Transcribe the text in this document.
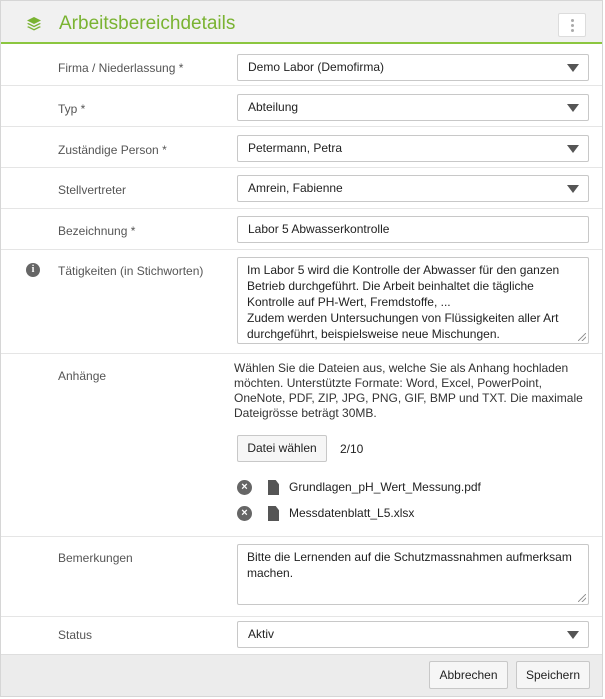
Arbeitsbereichdetails
Firma / Niederlassung *	Demo Labor (Demofirma)
Typ *	Abteilung
Zuständige Person *	Petermann, Petra
Stellvertreter	Amrein, Fabienne
Bezeichnung *	Labor 5 Abwasserkontrolle
Tätigkeiten (in Stichworten)	Im Labor 5 wird die Kontrolle der Abwasser für den ganzen Betrieb durchgeführt. Die Arbeit beinhaltet die tägliche Kontrolle auf PH-Wert, Fremdstoffe, ...
Zudem werden Untersuchungen von Flüssigkeiten aller Art durchgeführt, beispielsweise neue Mischungen.
i
Anhänge
Wählen Sie die Dateien aus, welche Sie als Anhang hochladen möchten. Unterstützte Formate: Word, Excel, PowerPoint, OneNote, PDF, ZIP, JPG, PNG, GIF, BMP und TXT. Die maximale Dateigrösse beträgt 30MB.
Datei wählen	2/10
×	Grundlagen_pH_Wert_Messung.pdf
×	Messdatenblatt_L5.xlsx
Bemerkungen	Bitte die Lernenden auf die Schutzmassnahmen aufmerksam machen.
Status	Aktiv
Abbrechen	Speichern
